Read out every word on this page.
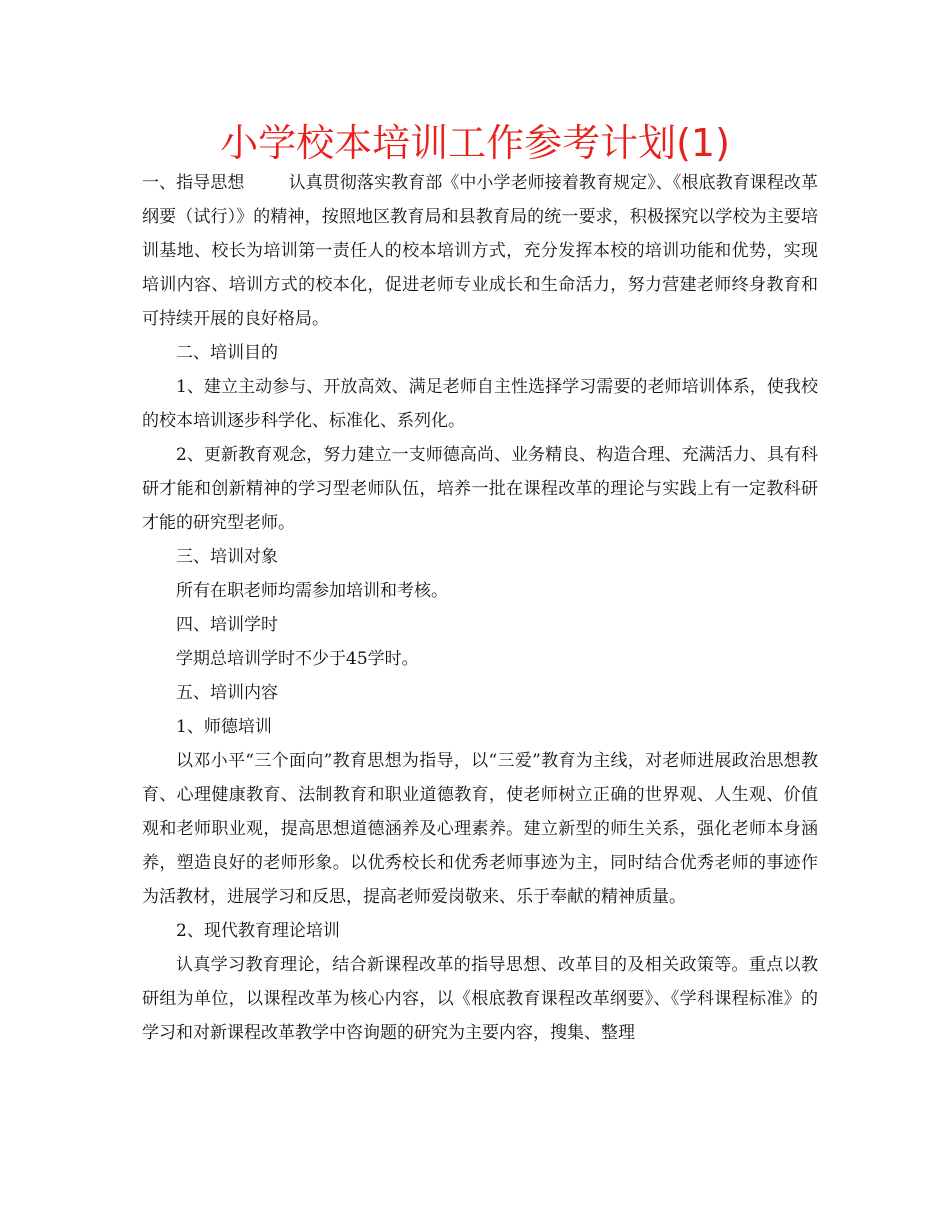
小学校本培训工作参考计划(1)

一、指导思想	认真贯彻落实教育部《中小学老师接着教育规定》、《根底教育课程改革纲要（试行）》的精神，按照地区教育局和县教育局的统一要求，积极探究以学校为主要培训基地、校长为培训第一责任人的校本培训方式，充分发挥本校的培训功能和优势，实现培训内容、培训方式的校本化，促进老师专业成长和生命活力，努力营建老师终身教育和可持续开展的良好格局。

二、培训目的

1、建立主动参与、开放高效、满足老师自主性选择学习需要的老师培训体系，使我校的校本培训逐步科学化、标准化、系列化。

2、更新教育观念，努力建立一支师德高尚、业务精良、构造合理、充满活力、具有科研才能和创新精神的学习型老师队伍，培养一批在课程改革的理论与实践上有一定教科研才能的研究型老师。

三、培训对象

所有在职老师均需参加培训和考核。

四、培训学时

学期总培训学时不少于45学时。

五、培训内容

1、师德培训

以邓小平“三个面向”教育思想为指导，以“三爱”教育为主线，对老师进展政治思想教育、心理健康教育、法制教育和职业道德教育，使老师树立正确的世界观、人生观、价值观和老师职业观，提高思想道德涵养及心理素养。建立新型的师生关系，强化老师本身涵养，塑造良好的老师形象。以优秀校长和优秀老师事迹为主，同时结合优秀老师的事迹作为活教材，进展学习和反思，提高老师爱岗敬来、乐于奉献的精神质量。

2、现代教育理论培训

认真学习教育理论，结合新课程改革的指导思想、改革目的及相关政策等。重点以教研组为单位，以课程改革为核心内容，以《根底教育课程改革纲要》、《学科课程标准》的学习和对新课程改革教学中咨询题的研究为主要内容，搜集、整理
